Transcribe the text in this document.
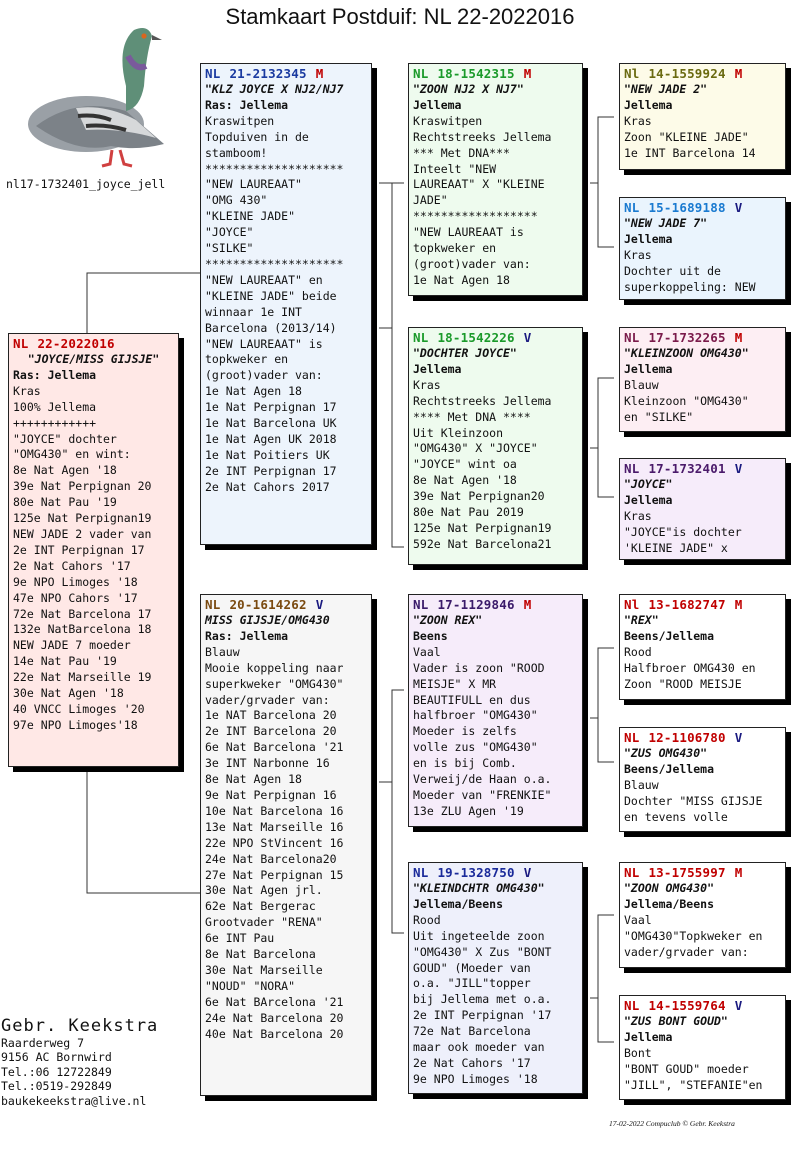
Stamkaart Postduif: NL 22-2022016
nl17-1732401_joyce_jell
NL 22-2022016
"JOYCE/MISS GIJSJE"
Ras: Jellema
Kras
100% Jellema
++++++++++++
"JOYCE" dochter
"OMG430" en wint:
8e Nat Agen '18
39e Nat Perpignan 20
80e Nat Pau '19
125e Nat Perpignan19
NEW JADE 2 vader van
2e INT Perpignan 17
2e Nat Cahors '17
9e NPO Limoges '18
47e NPO Cahors '17
72e Nat Barcelona 17
132e NatBarcelona 18
NEW JADE 7 moeder
14e Nat Pau '19
22e Nat Marseille 19
30e Nat Agen '18
40 VNCC Limoges '20
97e NPO Limoges'18
NL 21-2132345 M
"KLZ JOYCE X NJ2/NJ7
Ras: Jellema
Kraswitpen
Topduiven in de
stamboom!
********************
"NEW LAUREAAT"
"OMG 430"
"KLEINE JADE"
"JOYCE"
"SILKE"
********************
"NEW LAUREAAT" en
"KLEINE JADE" beide
winnaar 1e INT
Barcelona (2013/14)
"NEW LAUREAAT" is
topkweker en
(groot)vader van:
1e Nat Agen 18
1e Nat Perpignan 17
1e Nat Barcelona UK
1e Nat Agen UK 2018
1e Nat Poitiers UK
2e INT Perpignan 17
2e Nat Cahors 2017
NL 20-1614262 V
MISS GIJSJE/OMG430
Ras: Jellema
Blauw
Mooie koppeling naar
superkweker "OMG430"
vader/grvader van:
1e NAT Barcelona 20
2e INT Barcelona 20
6e Nat Barcelona '21
3e INT Narbonne 16
8e Nat Agen 18
9e Nat Perpignan 16
10e Nat Barcelona 16
13e Nat Marseille 16
22e NPO StVincent 16
24e Nat Barcelona20
27e Nat Perpignan 15
30e Nat Agen jrl.
62e Nat Bergerac
Grootvader "RENA"
6e INT Pau
8e Nat Barcelona
30e Nat Marseille
"NOUD" "NORA"
6e Nat BArcelona '21
24e Nat Barcelona 20
40e Nat Barcelona 20
NL 18-1542315 M
"ZOON NJ2 X NJ7"
Jellema
Kraswitpen
Rechtstreeks Jellema
*** Met DNA***
Inteelt "NEW
LAUREAAT" X "KLEINE
JADE"
******************
"NEW LAUREAAT is
topkweker en
(groot)vader van:
1e Nat Agen 18
NL 18-1542226 V
"DOCHTER JOYCE"
Jellema
Kras
Rechtstreeks Jellema
**** Met DNA ****
Uit Kleinzoon
"OMG430" X "JOYCE"
"JOYCE" wint oa
8e Nat Agen '18
39e Nat Perpignan20
80e Nat Pau 2019
125e Nat Perpignan19
592e Nat Barcelona21
NL 17-1129846 M
"ZOON REX"
Beens
Vaal
Vader is zoon "ROOD
MEISJE" X MR
BEAUTIFULL en dus
halfbroer "OMG430"
Moeder is zelfs
volle zus "OMG430"
en is bij Comb.
Verweij/de Haan o.a.
Moeder van "FRENKIE"
13e ZLU Agen '19
NL 19-1328750 V
"KLEINDCHTR OMG430"
Jellema/Beens
Rood
Uit ingeteelde zoon
"OMG430" X Zus "BONT
GOUD" (Moeder van
o.a. "JILL"topper
bij Jellema met o.a.
2e INT Perpignan '17
72e Nat Barcelona
maar ook moeder van
2e Nat Cahors '17
9e NPO Limoges '18
Nl 14-1559924 M
"NEW JADE 2"
Jellema
Kras
Zoon "KLEINE JADE"
1e INT Barcelona 14
NL 15-1689188 V
"NEW JADE 7"
Jellema
Kras
Dochter uit de
superkoppeling: NEW
NL 17-1732265 M
"KLEINZOON OMG430"
Jellema
Blauw
Kleinzoon "OMG430"
en "SILKE"
NL 17-1732401 V
"JOYCE"
Jellema
Kras
"JOYCE"is dochter
'KLEINE JADE" x
Nl 13-1682747 M
"REX"
Beens/Jellema
Rood
Halfbroer OMG430 en
Zoon "ROOD MEISJE
NL 12-1106780 V
"ZUS OMG430"
Beens/Jellema
Blauw
Dochter "MISS GIJSJE
en tevens volle
NL 13-1755997 M
"ZOON OMG430"
Jellema/Beens
Vaal
"OMG430"Topkweker en
vader/grvader van:
NL 14-1559764 V
"ZUS BONT GOUD"
Jellema
Bont
"BONT GOUD" moeder
"JILL", "STEFANIE"en
Gebr. Keekstra
Raarderweg 7
9156 AC Bornwird
Tel.:06 12722849
Tel.:0519-292849
baukekeekstra@live.nl
17-02-2022 Compuclub © Gebr. Keekstra
